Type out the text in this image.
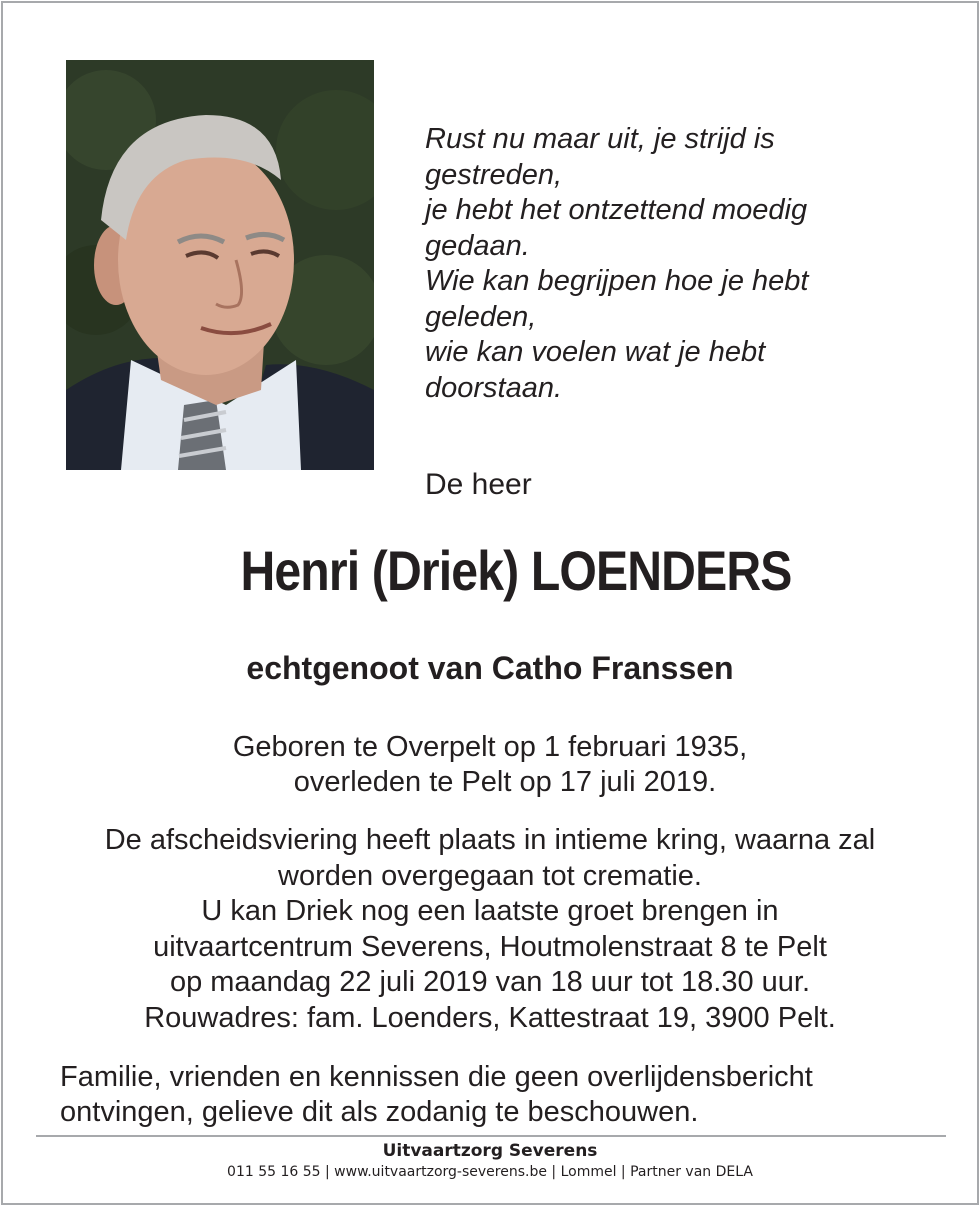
Rust nu maar uit, je strijd is
gestreden,
je hebt het ontzettend moedig
gedaan.
Wie kan begrijpen hoe je hebt
geleden,
wie kan voelen wat je hebt
doorstaan.
De heer
Henri (Driek) LOENDERS
echtgenoot van Catho Franssen
Geboren te Overpelt op 1 februari 1935,
overleden te Pelt op 17 juli 2019.
De afscheidsviering heeft plaats in intieme kring, waarna zal
worden overgegaan tot crematie.
U kan Driek nog een laatste groet brengen in
uitvaartcentrum Severens, Houtmolenstraat 8 te Pelt
op maandag 22 juli 2019 van 18 uur tot 18.30 uur.
Rouwadres: fam. Loenders, Kattestraat 19, 3900 Pelt.
Familie, vrienden en kennissen die geen overlijdensbericht
ontvingen, gelieve dit als zodanig te beschouwen.
Uitvaartzorg Severens
011 55 16 55 | www.uitvaartzorg-severens.be | Lommel | Partner van DELA
